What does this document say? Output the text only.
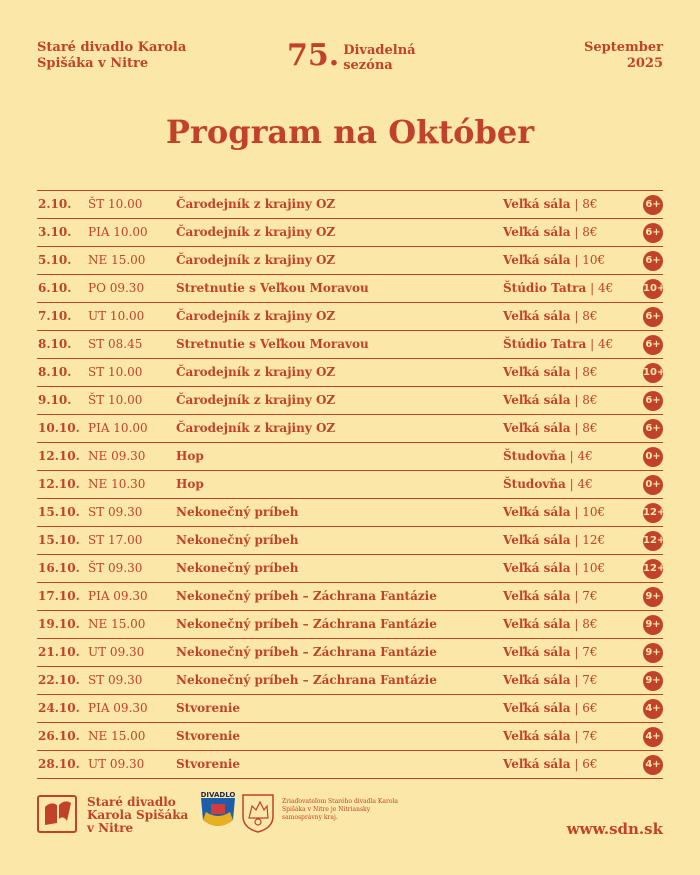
Staré divadlo Karola Spišáka v Nitre	75. Divadelná sezóna
September 2025
Program na Október
2.10. ŠT 10.00	Čarodejník z krajiny OZ	Veľká sála | 8€	6+
3.10. PIA 10.00 Čarodejník z krajiny OZ	Veľká sála | 8€	6+
5.10. NE 15.00	Čarodejník z krajiny OZ	Veľká sála | 10€	6+
6.10. PO 09.30	Stretnutie s Veľkou Moravou	Štúdio Tatra | 4€	10+
7.10. UT 10.00	Čarodejník z krajiny OZ	Veľká sála | 8€	6+
8.10. ST 08.45	Stretnutie s Veľkou Moravou	Štúdio Tatra | 4€	6+
8.10. ST 10.00	Čarodejník z krajiny OZ	Veľká sála | 8€	10+
9.10. ŠT 10.00	Čarodejník z krajiny OZ	Veľká sála | 8€	6+
10.10. PIA 10.00 Čarodejník z krajiny OZ	Veľká sála | 8€	6+
12.10. NE 09.30	Hop	Študovňa | 4€	0+
12.10. NE 10.30	Hop	Študovňa | 4€	0+
15.10. ST 09.30	Nekonečný príbeh	Veľká sála | 10€	12+
15.10. ST 17.00	Nekonečný príbeh	Veľká sála | 12€	12+
16.10. ŠT 09.30	Nekonečný príbeh	Veľká sála | 10€	12+
17.10. PIA 09.30 Nekonečný príbeh – Záchrana Fantázie	Veľká sála | 7€	9+
19.10. NE 15.00	Nekonečný príbeh – Záchrana Fantázie	Veľká sála | 8€	9+
21.10. UT 09.30	Nekonečný príbeh – Záchrana Fantázie	Veľká sála | 7€	9+
22.10. ST 09.30	Nekonečný príbeh – Záchrana Fantázie	Veľká sála | 7€	9+
24.10. PIA 09.30 Stvorenie	Veľká sála | 6€	4+
26.10. NE 15.00	Stvorenie	Veľká sála | 7€	4+
28.10. UT 09.30	Stvorenie	Veľká sála | 6€	4+
Staré divadlo Karola Spišáka v Nitre
DIVADLO
Zriaďovateľom Starého divadla Karola Spišáka v Nitre je Nitriansky samosprávny kraj.
www.sdn.sk
